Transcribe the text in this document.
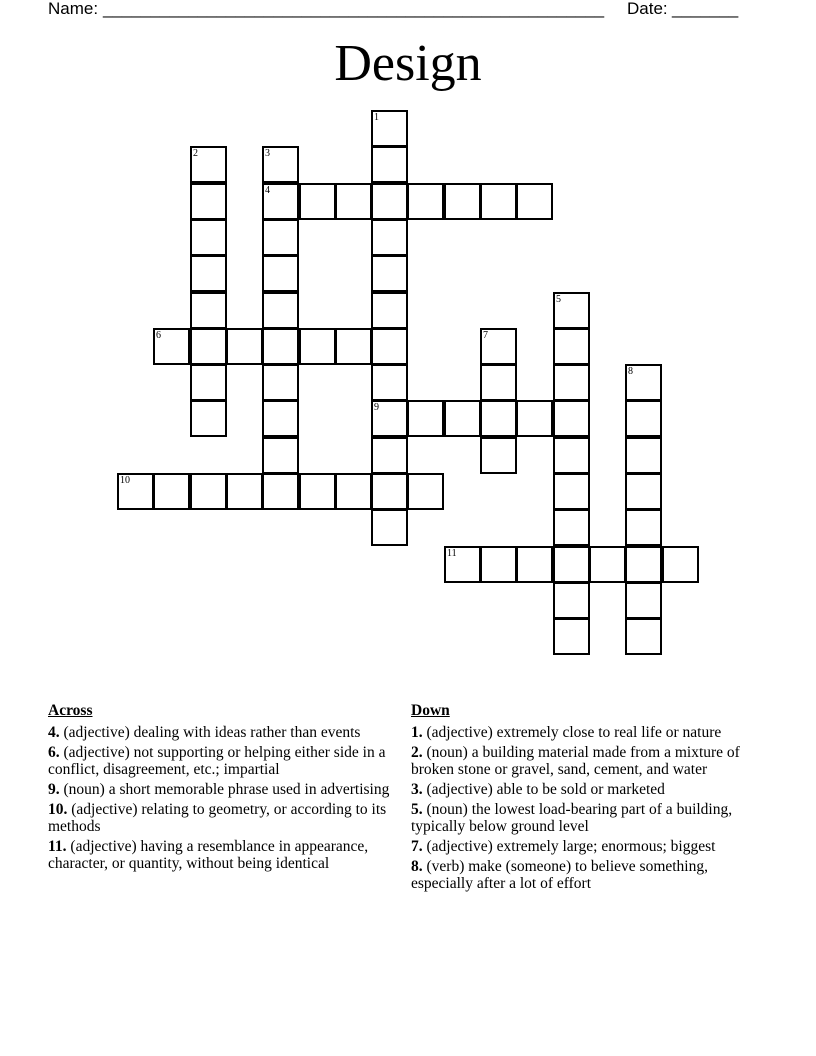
Name: _____________________________________________________ Date: _______
Design
1
9
2	3
4
5
6	7
8
10
11
Across
4. (adjective) dealing with ideas rather than events
6. (adjective) not supporting or helping either side in a conflict, disagreement, etc.; impartial
9. (noun) a short memorable phrase used in advertising
10. (adjective) relating to geometry, or according to its methods
11. (adjective) having a resemblance in appearance, character, or quantity, without being identical
Down
1. (adjective) extremely close to real life or nature
2. (noun) a building material made from a mixture of broken stone or gravel, sand, cement, and water
3. (adjective) able to be sold or marketed
5. (noun) the lowest load-bearing part of a building, typically below ground level
7. (adjective) extremely large; enormous; biggest
8. (verb) make (someone) to believe something, especially after a lot of effort
